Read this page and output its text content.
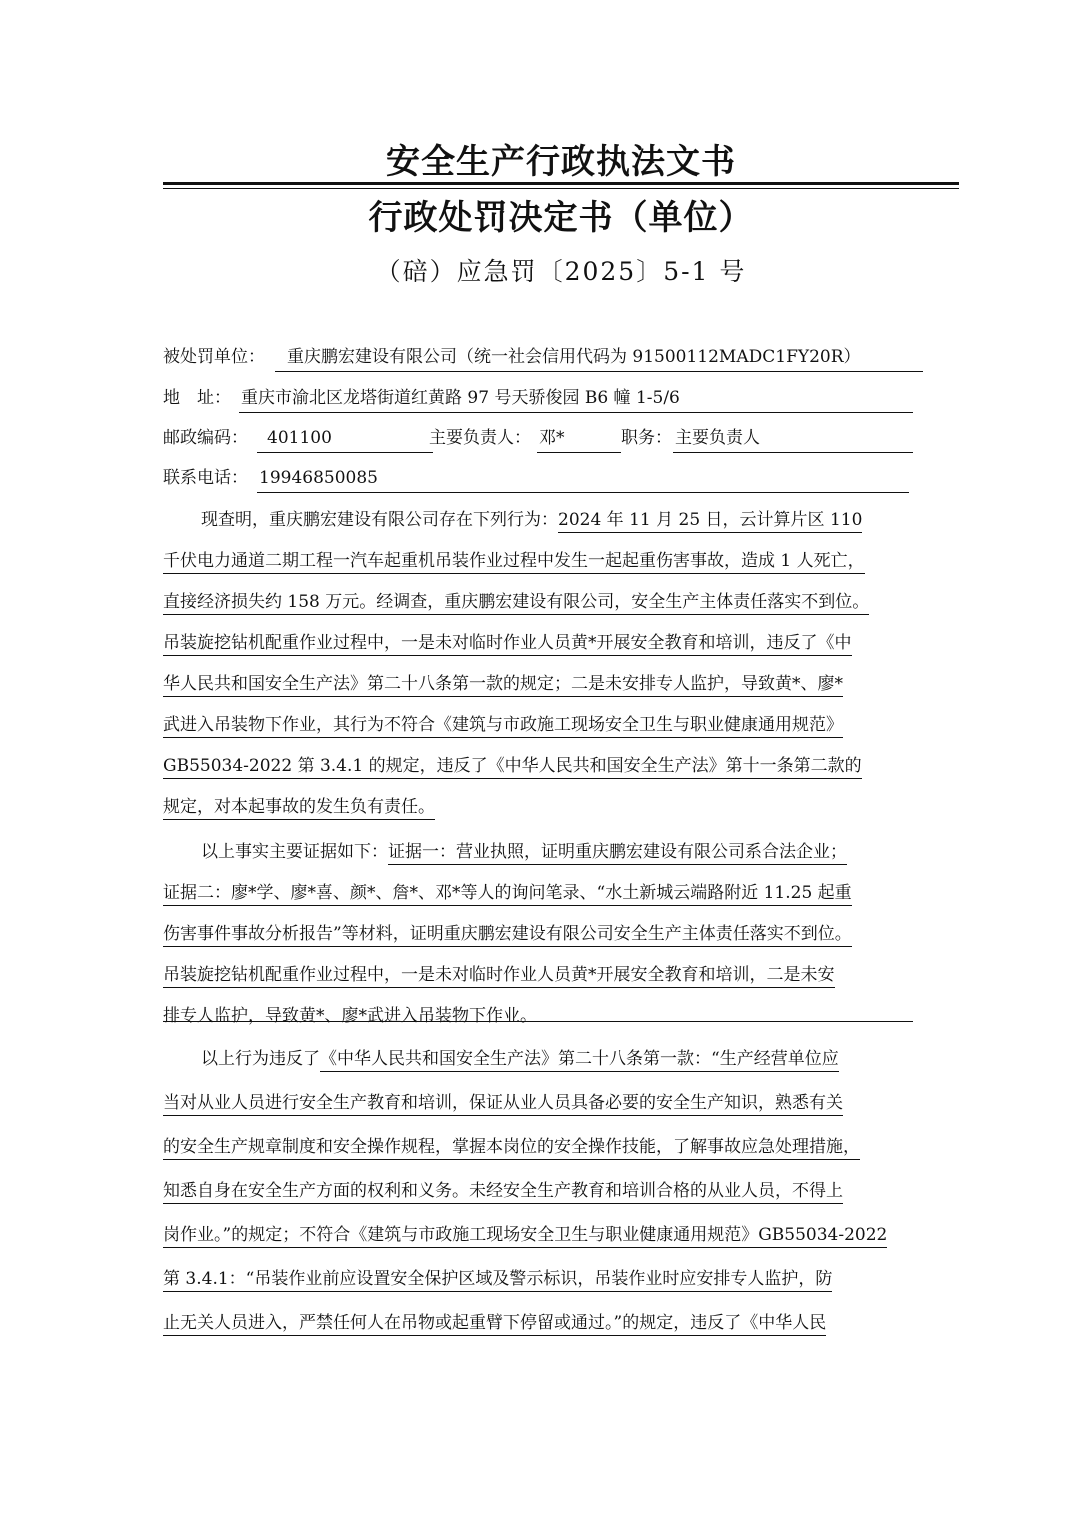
安全生产行政执法文书
行政处罚决定书（单位）
（碚）应急罚〔2025〕5-1 号
被处罚单位：	重庆鹏宏建设有限公司（统一社会信用代码为 91500112MADC1FY20R）
地　址： 重庆市渝北区龙塔街道红黄路 97 号天骄俊园 B6 幢 1-5/6
邮政编码：	401100	主要负责人： 邓*	职务： 主要负责人
联系电话： 19946850085
现查明，重庆鹏宏建设有限公司存在下列行为：2024 年 11 月 25 日，云计算片区 110
千伏电力通道二期工程一汽车起重机吊装作业过程中发生一起起重伤害事故，造成 1 人死亡，
直接经济损失约 158 万元。经调查，重庆鹏宏建设有限公司，安全生产主体责任落实不到位。
吊装旋挖钻机配重作业过程中，一是未对临时作业人员黄*开展安全教育和培训，违反了《中
华人民共和国安全生产法》第二十八条第一款的规定；二是未安排专人监护，导致黄*、廖*
武进入吊装物下作业，其行为不符合《建筑与市政施工现场安全卫生与职业健康通用规范》
GB55034-2022 第 3.4.1 的规定，违反了《中华人民共和国安全生产法》第十一条第二款的
规定，对本起事故的发生负有责任。
以上事实主要证据如下：证据一：营业执照，证明重庆鹏宏建设有限公司系合法企业；
证据二：廖*学、廖*喜、颜*、詹*、邓*等人的询问笔录、“水土新城云端路附近 11.25 起重
伤害事件事故分析报告”等材料，证明重庆鹏宏建设有限公司安全生产主体责任落实不到位。
吊装旋挖钻机配重作业过程中，一是未对临时作业人员黄*开展安全教育和培训，二是未安
排专人监护，导致黄*、廖*武进入吊装物下作业。
以上行为违反了《中华人民共和国安全生产法》第二十八条第一款：“生产经营单位应
当对从业人员进行安全生产教育和培训，保证从业人员具备必要的安全生产知识，熟悉有关
的安全生产规章制度和安全操作规程，掌握本岗位的安全操作技能，了解事故应急处理措施，
知悉自身在安全生产方面的权利和义务。未经安全生产教育和培训合格的从业人员，不得上
岗作业。”的规定；不符合《建筑与市政施工现场安全卫生与职业健康通用规范》GB55034-2022
第 3.4.1：“吊装作业前应设置安全保护区域及警示标识，吊装作业时应安排专人监护，防
止无关人员进入，严禁任何人在吊物或起重臂下停留或通过。”的规定，违反了《中华人民
